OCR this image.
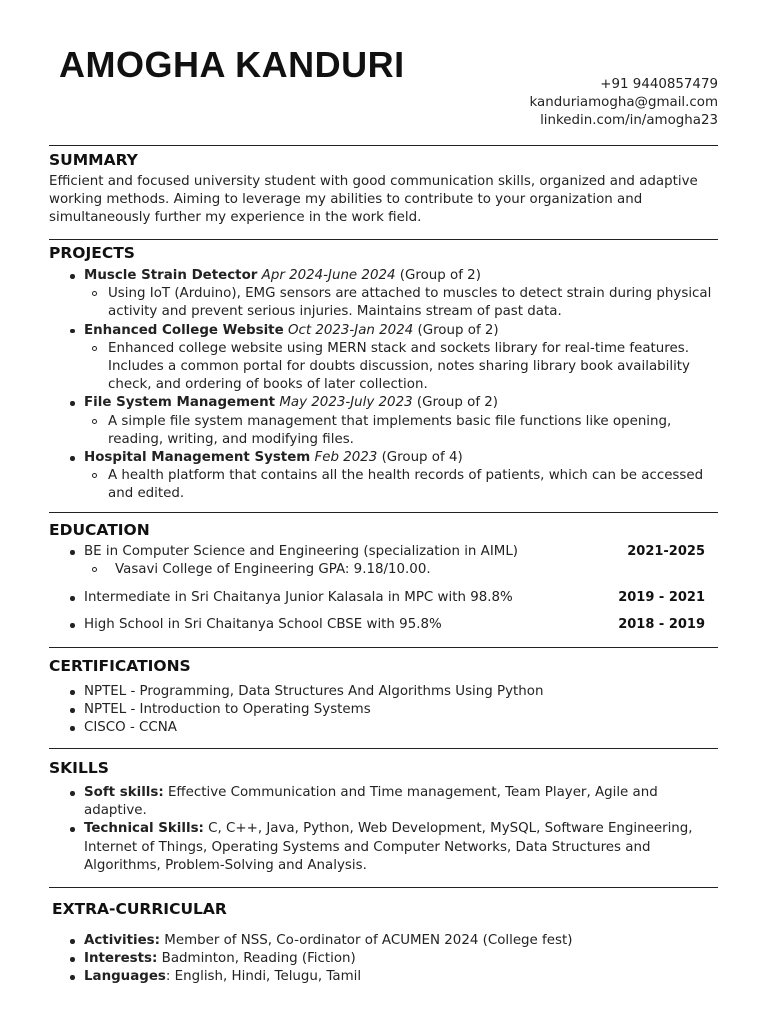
AMOGHA KANDURI	+91 9440857479
kanduriamogha@gmail.com
linkedin.com/in/amogha23
SUMMARY

Efficient and focused university student with good communication skills, organized and adaptive working methods. Aiming to leverage my abilities to contribute to your organization and simultaneously further my experience in the work field.

PROJECTS
Muscle Strain Detector Apr 2024-June 2024 (Group of 2)
Using IoT (Arduino), EMG sensors are attached to muscles to detect strain during physical activity and prevent serious injuries. Maintains stream of past data.
Enhanced College Website Oct 2023-Jan 2024 (Group of 2)
Enhanced college website using MERN stack and sockets library for real-time features. Includes a common portal for doubts discussion, notes sharing library book availability check, and ordering of books of later collection.
File System Management May 2023-July 2023 (Group of 2)
A simple file system management that implements basic file functions like opening, reading, writing, and modifying files.
Hospital Management System Feb 2023 (Group of 4)
A health platform that contains all the health records of patients, which can be accessed and edited.
EDUCATION
BE in Computer Science and Engineering (specialization in AIML)	2021-2025
Vasavi College of Engineering GPA: 9.18/10.00.
Intermediate in Sri Chaitanya Junior Kalasala in MPC with 98.8%	2019 - 2021
High School in Sri Chaitanya School CBSE with 95.8%	2018 - 2019
CERTIFICATIONS
NPTEL - Programming, Data Structures And Algorithms Using Python
NPTEL - Introduction to Operating Systems
CISCO - CCNA
SKILLS
Soft skills: Effective Communication and Time management, Team Player, Agile and adaptive.
Technical Skills: C, C++, Java, Python, Web Development, MySQL, Software Engineering, Internet of Things, Operating Systems and Computer Networks, Data Structures and Algorithms, Problem-Solving and Analysis.
EXTRA-CURRICULAR
Activities: Member of NSS, Co-ordinator of ACUMEN 2024 (College fest)
Interests: Badminton, Reading (Fiction)
Languages: English, Hindi, Telugu, Tamil
